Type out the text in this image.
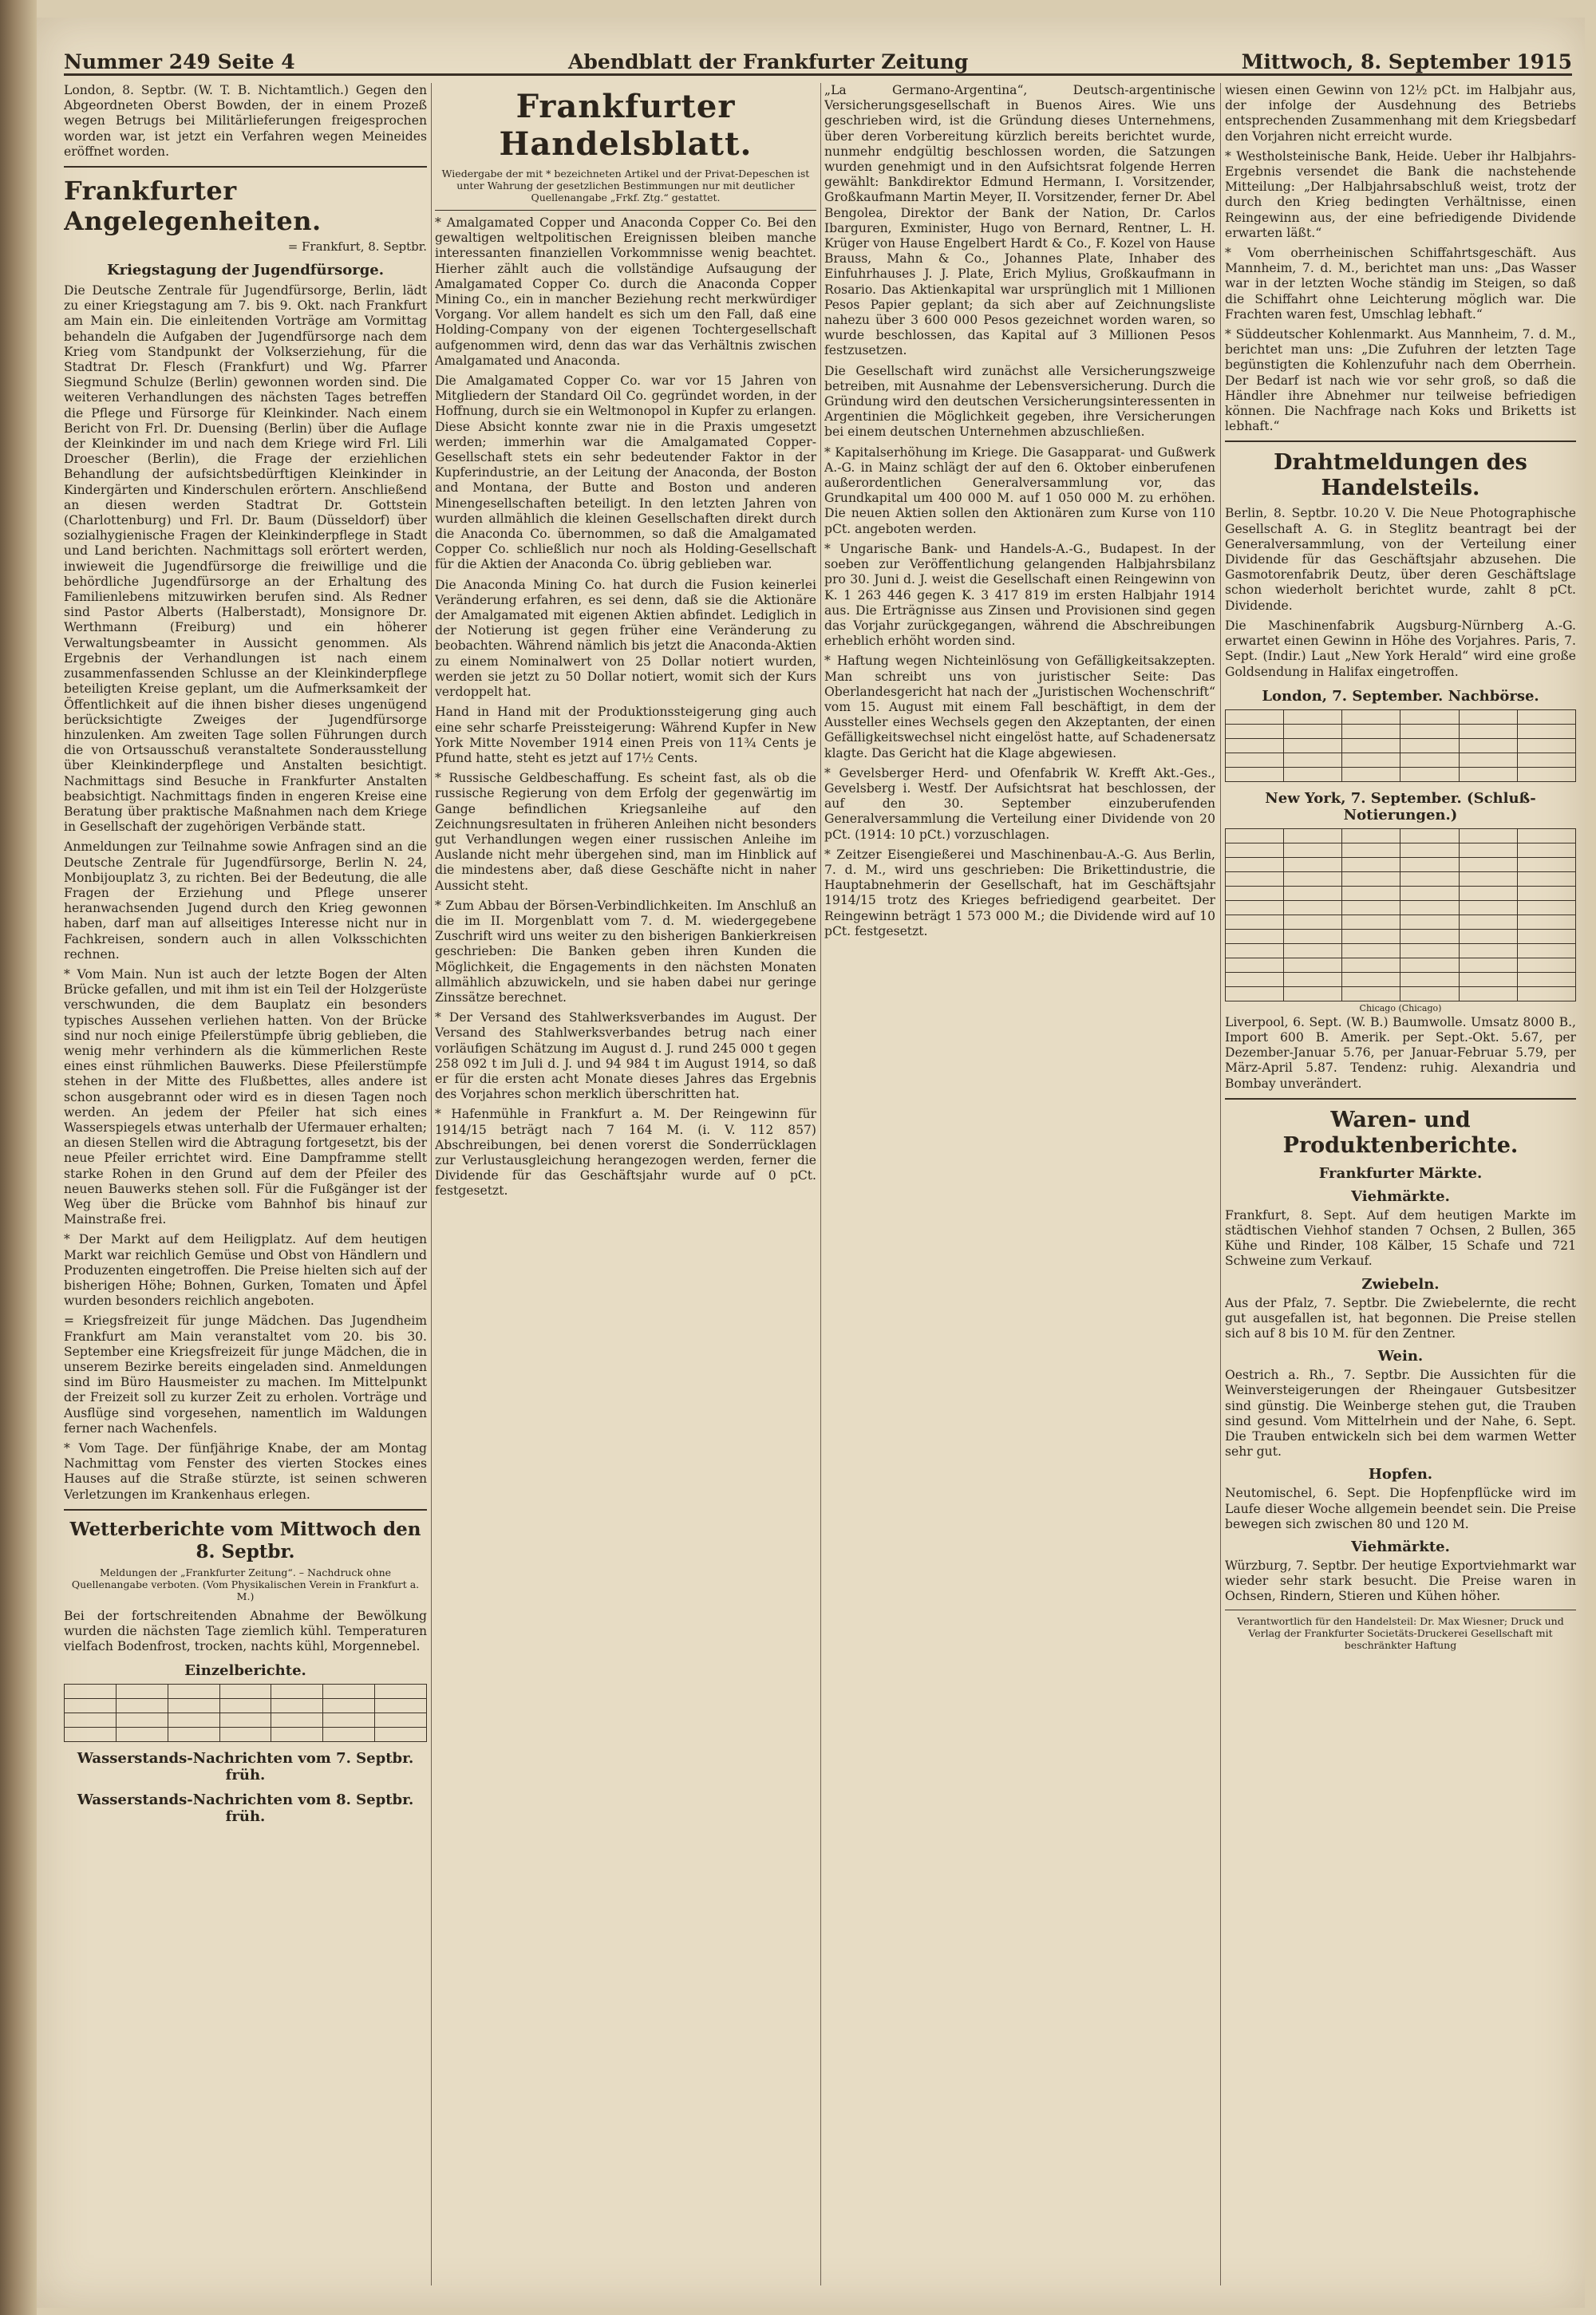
Nummer 249 Seite 4	Abendblatt der Frankfurter Zeitung	Mittwoch, 8. September 1915

London, 8. Septbr. (W. T. B. Nichtamtlich.) Gegen den Abgeordneten Oberst Bowden, der in einem Prozeß wegen Betrugs bei Militärlieferungen freigesprochen worden war, ist jetzt ein Verfahren wegen Meineides eröffnet worden.

Frankfurter Angelegenheiten.
= Frankfurt, 8. Septbr.
Kriegstagung der Jugendfürsorge.

Die Deutsche Zentrale für Jugendfürsorge, Berlin, lädt zu einer Kriegstagung am 7. bis 9. Okt. nach Frankfurt am Main ein. Die einleitenden Vorträge am Vormittag behandeln die Aufgaben der Jugendfürsorge nach dem Krieg vom Standpunkt der Volkserziehung, für die Stadtrat Dr. Flesch (Frankfurt) und Wg. Pfarrer Siegmund Schulze (Berlin) gewonnen worden sind. Die weiteren Verhandlungen des nächsten Tages betreffen die Pflege und Fürsorge für Kleinkinder. Nach einem Bericht von Frl. Dr. Duensing (Berlin) über die Auflage der Kleinkinder im und nach dem Kriege wird Frl. Lili Droescher (Berlin), die Frage der erziehlichen Behandlung der aufsichtsbedürftigen Kleinkinder in Kindergärten und Kinderschulen erörtern. Anschließend an diesen werden Stadtrat Dr. Gottstein (Charlottenburg) und Frl. Dr. Baum (Düsseldorf) über sozialhygienische Fragen der Kleinkinderpflege in Stadt und Land berichten. Nachmittags soll erörtert werden, inwieweit die Jugendfürsorge die freiwillige und die behördliche Jugendfürsorge an der Erhaltung des Familienlebens mitzuwirken berufen sind. Als Redner sind Pastor Alberts (Halberstadt), Monsignore Dr. Werthmann (Freiburg) und ein höherer Verwaltungsbeamter in Aussicht genommen. Als Ergebnis der Verhandlungen ist nach einem zusammenfassenden Schlusse an der Kleinkinderpflege beteiligten Kreise geplant, um die Aufmerksamkeit der Öffentlichkeit auf die ihnen bisher dieses ungenügend berücksichtigte Zweiges der Jugendfürsorge hinzulenken. Am zweiten Tage sollen Führungen durch die von Ortsausschuß veranstaltete Sonderausstellung über Kleinkinderpflege und Anstalten besichtigt. Nachmittags sind Besuche in Frankfurter Anstalten beabsichtigt. Nachmittags finden in engeren Kreise eine Beratung über praktische Maßnahmen nach dem Kriege in Gesellschaft der zugehörigen Verbände statt.

Anmeldungen zur Teilnahme sowie Anfragen sind an die Deutsche Zentrale für Jugendfürsorge, Berlin N. 24, Monbijouplatz 3, zu richten. Bei der Bedeutung, die alle Fragen der Erziehung und Pflege unserer heranwachsenden Jugend durch den Krieg gewonnen haben, darf man auf allseitiges Interesse nicht nur in Fachkreisen, sondern auch in allen Volksschichten rechnen.

* Vom Main. Nun ist auch der letzte Bogen der Alten Brücke gefallen, und mit ihm ist ein Teil der Holzgerüste verschwunden, die dem Bauplatz ein besonders typisches Aussehen verliehen hatten. Von der Brücke sind nur noch einige Pfeilerstümpfe übrig geblieben, die wenig mehr verhindern als die kümmerlichen Reste eines einst rühmlichen Bauwerks. Diese Pfeilerstümpfe stehen in der Mitte des Flußbettes, alles andere ist schon ausgebrannt oder wird es in diesen Tagen noch werden. An jedem der Pfeiler hat sich eines Wasserspiegels etwas unterhalb der Ufermauer erhalten; an diesen Stellen wird die Abtragung fortgesetzt, bis der neue Pfeiler errichtet wird. Eine Dampframme stellt starke Rohen in den Grund auf dem der Pfeiler des neuen Bauwerks stehen soll. Für die Fußgänger ist der Weg über die Brücke vom Bahnhof bis hinauf zur Mainstraße frei.

* Der Markt auf dem Heiligplatz. Auf dem heutigen Markt war reichlich Gemüse und Obst von Händlern und Produzenten eingetroffen. Die Preise hielten sich auf der bisherigen Höhe; Bohnen, Gurken, Tomaten und Äpfel wurden besonders reichlich angeboten.

= Kriegsfreizeit für junge Mädchen. Das Jugendheim Frankfurt am Main veranstaltet vom 20. bis 30. September eine Kriegsfreizeit für junge Mädchen, die in unserem Bezirke bereits eingeladen sind. Anmeldungen sind im Büro Hausmeister zu machen. Im Mittelpunkt der Freizeit soll zu kurzer Zeit zu erholen. Vorträge und Ausflüge sind vorgesehen, namentlich im Waldungen ferner nach Wachenfels.

* Vom Tage. Der fünfjährige Knabe, der am Montag Nachmittag vom Fenster des vierten Stockes eines Hauses auf die Straße stürzte, ist seinen schweren Verletzungen im Krankenhaus erlegen.

Wetterberichte vom Mittwoch den 8. Septbr.
Meldungen der „Frankfurter Zeitung“. – Nachdruck ohne Quellenangabe verboten. (Vom Physikalischen Verein in Frankfurt a. M.)

Bei der fortschreitenden Abnahme der Bewölkung wurden die nächsten Tage ziemlich kühl. Temperaturen vielfach Bodenfrost, trocken, nachts kühl, Morgennebel.

Einzelberichte.

Wasserstands-Nachrichten vom 7. Septbr. früh.
Wasserstands-Nachrichten vom 8. Septbr. früh.
Frankfurter Handelsblatt.
Wiedergabe der mit * bezeichneten Artikel und der Privat-Depeschen ist unter Wahrung der gesetzlichen Bestimmungen nur mit deutlicher Quellenangabe „Frkf. Ztg.“ gestattet.

* Amalgamated Copper und Anaconda Copper Co. Bei den gewaltigen weltpolitischen Ereignissen bleiben manche interessanten finanziellen Vorkommnisse wenig beachtet. Hierher zählt auch die vollständige Aufsaugung der Amalgamated Copper Co. durch die Anaconda Copper Mining Co., ein in mancher Beziehung recht merkwürdiger Vorgang. Vor allem handelt es sich um den Fall, daß eine Holding-Company von der eigenen Tochtergesellschaft aufgenommen wird, denn das war das Verhältnis zwischen Amalgamated und Anaconda.

Die Amalgamated Copper Co. war vor 15 Jahren von Mitgliedern der Standard Oil Co. gegründet worden, in der Hoffnung, durch sie ein Weltmonopol in Kupfer zu erlangen. Diese Absicht konnte zwar nie in die Praxis umgesetzt werden; immerhin war die Amalgamated Copper-Gesellschaft stets ein sehr bedeutender Faktor in der Kupferindustrie, an der Leitung der Anaconda, der Boston and Montana, der Butte and Boston und anderen Minengesellschaften beteiligt. In den letzten Jahren von wurden allmählich die kleinen Gesellschaften direkt durch die Anaconda Co. übernommen, so daß die Amalgamated Copper Co. schließlich nur noch als Holding-Gesellschaft für die Aktien der Anaconda Co. übrig geblieben war.

Die Anaconda Mining Co. hat durch die Fusion keinerlei Veränderung erfahren, es sei denn, daß sie die Aktionäre der Amalgamated mit eigenen Aktien abfindet. Lediglich in der Notierung ist gegen früher eine Veränderung zu beobachten. Während nämlich bis jetzt die Anaconda-Aktien zu einem Nominalwert von 25 Dollar notiert wurden, werden sie jetzt zu 50 Dollar notiert, womit sich der Kurs verdoppelt hat.

Hand in Hand mit der Produktionssteigerung ging auch eine sehr scharfe Preissteigerung: Während Kupfer in New York Mitte November 1914 einen Preis von 11¾ Cents je Pfund hatte, steht es jetzt auf 17½ Cents.

* Russische Geldbeschaffung. Es scheint fast, als ob die russische Regierung von dem Erfolg der gegenwärtig im Gange befindlichen Kriegsanleihe auf den Zeichnungsresultaten in früheren Anleihen nicht besonders gut Verhandlungen wegen einer russischen Anleihe im Auslande nicht mehr übergehen sind, man im Hinblick auf die mindestens aber, daß diese Geschäfte nicht in naher Aussicht steht.

* Zum Abbau der Börsen-Verbindlichkeiten. Im Anschluß an die im II. Morgenblatt vom 7. d. M. wiedergegebene Zuschrift wird uns weiter zu den bisherigen Bankierkreisen geschrieben: Die Banken geben ihren Kunden die Möglichkeit, die Engagements in den nächsten Monaten allmählich abzuwickeln, und sie haben dabei nur geringe Zinssätze berechnet.

* Der Versand des Stahlwerksverbandes im August. Der Versand des Stahlwerksverbandes betrug nach einer vorläufigen Schätzung im August d. J. rund 245 000 t gegen 258 092 t im Juli d. J. und 94 984 t im August 1914, so daß er für die ersten acht Monate dieses Jahres das Ergebnis des Vorjahres schon merklich überschritten hat.

* Hafenmühle in Frankfurt a. M. Der Reingewinn für 1914/15 beträgt nach 7 164 M. (i. V. 112 857) Abschreibungen, bei denen vorerst die Sonderrücklagen zur Verlustausgleichung herangezogen werden, ferner die Dividende für das Geschäftsjahr wurde auf 0 pCt. festgesetzt.

„La Germano-Argentina“, Deutsch-argentinische Versicherungsgesellschaft in Buenos Aires. Wie uns geschrieben wird, ist die Gründung dieses Unternehmens, über deren Vorbereitung kürzlich bereits berichtet wurde, nunmehr endgültig beschlossen worden, die Satzungen wurden genehmigt und in den Aufsichtsrat folgende Herren gewählt: Bankdirektor Edmund Hermann, I. Vorsitzender, Großkaufmann Martin Meyer, II. Vorsitzender, ferner Dr. Abel Bengolea, Direktor der Bank der Nation, Dr. Carlos Ibarguren, Exminister, Hugo von Bernard, Rentner, L. H. Krüger von Hause Engelbert Hardt & Co., F. Kozel von Hause Brauss, Mahn & Co., Johannes Plate, Inhaber des Einfuhrhauses J. J. Plate, Erich Mylius, Großkaufmann in Rosario. Das Aktienkapital war ursprünglich mit 1 Millionen Pesos Papier geplant; da sich aber auf Zeichnungsliste nahezu über 3 600 000 Pesos gezeichnet worden waren, so wurde beschlossen, das Kapital auf 3 Millionen Pesos festzusetzen.

Die Gesellschaft wird zunächst alle Versicherungszweige betreiben, mit Ausnahme der Lebensversicherung. Durch die Gründung wird den deutschen Versicherungsinteressenten in Argentinien die Möglichkeit gegeben, ihre Versicherungen bei einem deutschen Unternehmen abzuschließen.

* Kapitalserhöhung im Kriege. Die Gasapparat- und Gußwerk A.-G. in Mainz schlägt der auf den 6. Oktober einberufenen außerordentlichen Generalversammlung vor, das Grundkapital um 400 000 M. auf 1 050 000 M. zu erhöhen. Die neuen Aktien sollen den Aktionären zum Kurse von 110 pCt. angeboten werden.

* Ungarische Bank- und Handels-A.-G., Budapest. In der soeben zur Veröffentlichung gelangenden Halbjahrsbilanz pro 30. Juni d. J. weist die Gesellschaft einen Reingewinn von K. 1 263 446 gegen K. 3 417 819 im ersten Halbjahr 1914 aus. Die Erträgnisse aus Zinsen und Provisionen sind gegen das Vorjahr zurückgegangen, während die Abschreibungen erheblich erhöht worden sind.

* Haftung wegen Nichteinlösung von Gefälligkeitsakzepten. Man schreibt uns von juristischer Seite: Das Oberlandesgericht hat nach der „Juristischen Wochenschrift“ vom 15. August mit einem Fall beschäftigt, in dem der Aussteller eines Wechsels gegen den Akzeptanten, der einen Gefälligkeitswechsel nicht eingelöst hatte, auf Schadenersatz klagte. Das Gericht hat die Klage abgewiesen.

* Gevelsberger Herd- und Ofenfabrik W. Krefft Akt.-Ges., Gevelsberg i. Westf. Der Aufsichtsrat hat beschlossen, der auf den 30. September einzuberufenden Generalversammlung die Verteilung einer Dividende von 20 pCt. (1914: 10 pCt.) vorzuschlagen.

* Zeitzer Eisengießerei und Maschinenbau-A.-G. Aus Berlin, 7. d. M., wird uns geschrieben: Die Brikettindustrie, die Hauptabnehmerin der Gesellschaft, hat im Geschäftsjahr 1914/15 trotz des Krieges befriedigend gearbeitet. Der Reingewinn beträgt 1 573 000 M.; die Dividende wird auf 10 pCt. festgesetzt.

wiesen einen Gewinn von 12½ pCt. im Halbjahr aus, der infolge der Ausdehnung des Betriebs entsprechenden Zusammenhang mit dem Kriegsbedarf den Vorjahren nicht erreicht wurde.

* Westholsteinische Bank, Heide. Ueber ihr Halbjahrs-Ergebnis versendet die Bank die nachstehende Mitteilung: „Der Halbjahrsabschluß weist, trotz der durch den Krieg bedingten Verhältnisse, einen Reingewinn aus, der eine befriedigende Dividende erwarten läßt.“

* Vom oberrheinischen Schiffahrtsgeschäft. Aus Mannheim, 7. d. M., berichtet man uns: „Das Wasser war in der letzten Woche ständig im Steigen, so daß die Schiffahrt ohne Leichterung möglich war. Die Frachten waren fest, Umschlag lebhaft.“

* Süddeutscher Kohlenmarkt. Aus Mannheim, 7. d. M., berichtet man uns: „Die Zufuhren der letzten Tage begünstigten die Kohlenzufuhr nach dem Oberrhein. Der Bedarf ist nach wie vor sehr groß, so daß die Händler ihre Abnehmer nur teilweise befriedigen können. Die Nachfrage nach Koks und Briketts ist lebhaft.“

Drahtmeldungen des Handelsteils.

Berlin, 8. Septbr. 10.20 V. Die Neue Photographische Gesellschaft A. G. in Steglitz beantragt bei der Generalversammlung, von der Verteilung einer Dividende für das Geschäftsjahr abzusehen. Die Gasmotorenfabrik Deutz, über deren Geschäftslage schon wiederholt berichtet wurde, zahlt 8 pCt. Dividende.

Die Maschinenfabrik Augsburg-Nürnberg A.-G. erwartet einen Gewinn in Höhe des Vorjahres. Paris, 7. Sept. (Indir.) Laut „New York Herald“ wird eine große Goldsendung in Halifax eingetroffen.

London, 7. September. Nachbörse.

New York, 7. September. (Schluß-Notierungen.)

Chicago (Chicago)

Liverpool, 6. Sept. (W. B.) Baumwolle. Umsatz 8000 B., Import 600 B. Amerik. per Sept.-Okt. 5.67, per Dezember-Januar 5.76, per Januar-Februar 5.79, per März-April 5.87. Tendenz: ruhig. Alexandria und Bombay unverändert.

Waren- und Produktenberichte.
Frankfurter Märkte.
Viehmärkte.

Frankfurt, 8. Sept. Auf dem heutigen Markte im städtischen Viehhof standen 7 Ochsen, 2 Bullen, 365 Kühe und Rinder, 108 Kälber, 15 Schafe und 721 Schweine zum Verkauf.

Zwiebeln.

Aus der Pfalz, 7. Septbr. Die Zwiebelernte, die recht gut ausgefallen ist, hat begonnen. Die Preise stellen sich auf 8 bis 10 M. für den Zentner.

Wein.

Oestrich a. Rh., 7. Septbr. Die Aussichten für die Weinversteigerungen der Rheingauer Gutsbesitzer sind günstig. Die Weinberge stehen gut, die Trauben sind gesund. Vom Mittelrhein und der Nahe, 6. Sept. Die Trauben entwickeln sich bei dem warmen Wetter sehr gut.

Hopfen.

Neutomischel, 6. Sept. Die Hopfenpflücke wird im Laufe dieser Woche allgemein beendet sein. Die Preise bewegen sich zwischen 80 und 120 M.

Viehmärkte.

Würzburg, 7. Septbr. Der heutige Exportviehmarkt war wieder sehr stark besucht. Die Preise waren in Ochsen, Rindern, Stieren und Kühen höher.

Verantwortlich für den Handelsteil: Dr. Max Wiesner; Druck und Verlag der Frankfurter Societäts-Druckerei Gesellschaft mit beschränkter Haftung
